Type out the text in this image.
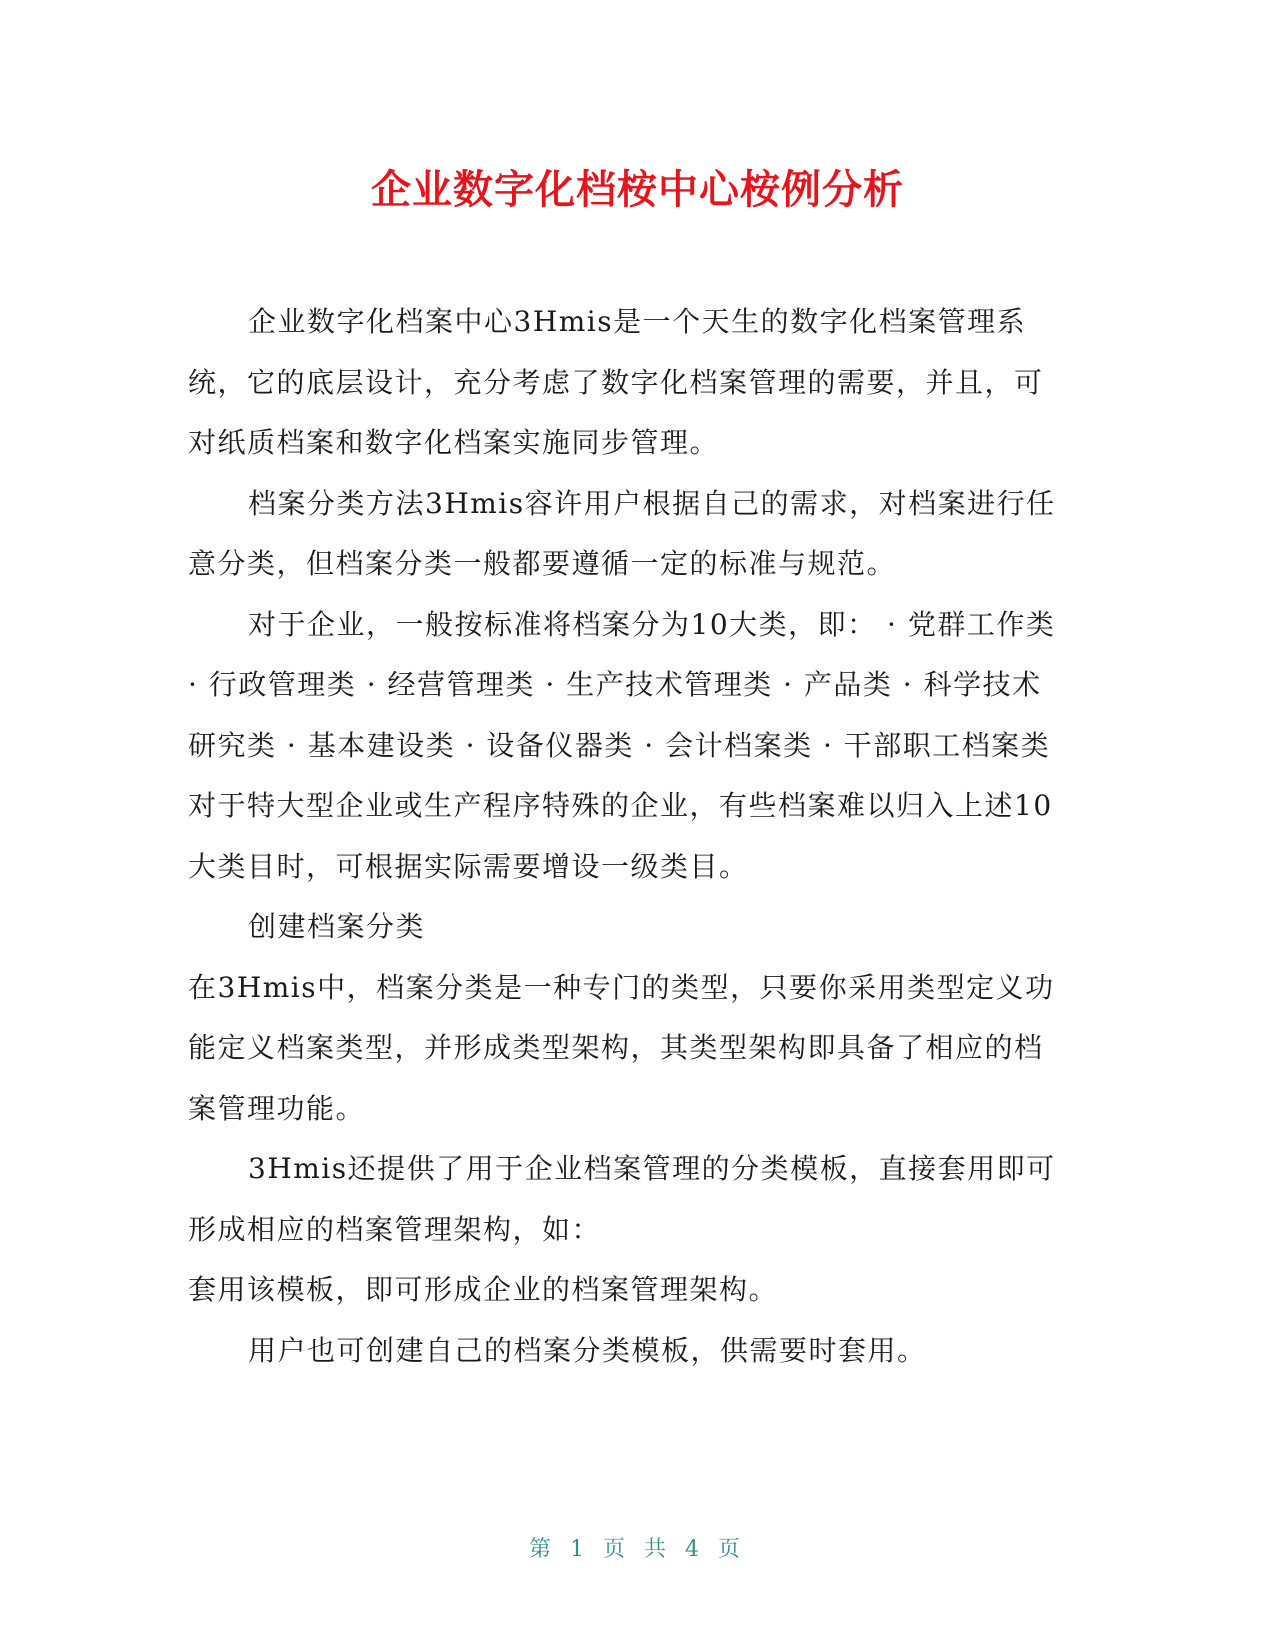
企业数字化档桉中心桉例分析

企业数字化档案中心3Hmis是一个天生的数字化档案管理系统，它的底层设计，充分考虑了数字化档案管理的需要，并且，可对纸质档案和数字化档案实施同步管理。

档案分类方法3Hmis容许用户根据自己的需求，对档案进行任意分类，但档案分类一般都要遵循一定的标准与规范。

对于企业，一般按标准将档案分为10大类，即： · 党群工作类 · 行政管理类 · 经营管理类 · 生产技术管理类 · 产品类 · 科学技术研究类 · 基本建设类 · 设备仪器类 · 会计档案类 · 干部职工档案类

对于特大型企业或生产程序特殊的企业，有些档案难以归入上述10大类目时，可根据实际需要增设一级类目。

创建档案分类

在3Hmis中，档案分类是一种专门的类型，只要你采用类型定义功能定义档案类型，并形成类型架构，其类型架构即具备了相应的档案管理功能。

3Hmis还提供了用于企业档案管理的分类模板，直接套用即可形成相应的档案管理架构，如：

套用该模板，即可形成企业的档案管理架构。

用户也可创建自己的档案分类模板，供需要时套用。

第 1 页 共 4 页
